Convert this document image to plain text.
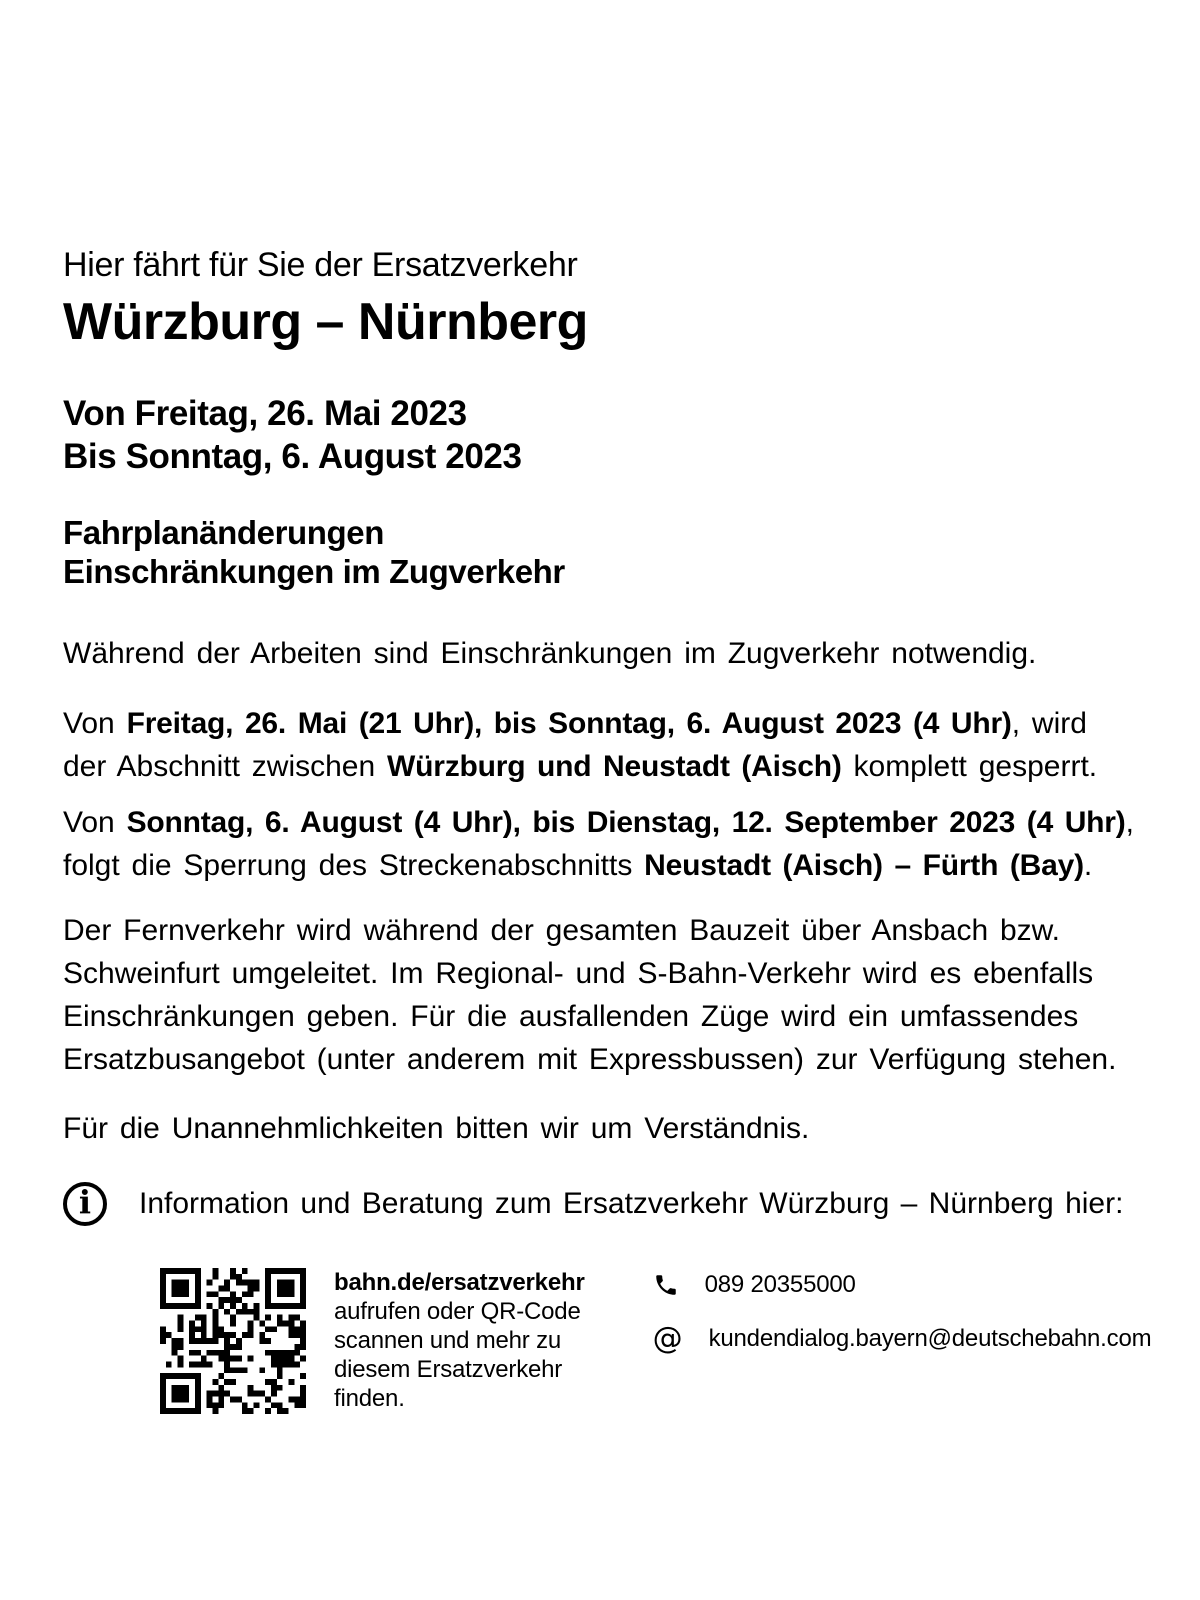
Hier fährt für Sie der Ersatzverkehr
Würzburg – Nürnberg
Von Freitag, 26. Mai 2023
Bis Sonntag, 6. August 2023
Fahrplanänderungen
Einschränkungen im Zugverkehr

Während der Arbeiten sind Einschränkungen im Zugverkehr notwendig.

Von Freitag, 26. Mai (21 Uhr), bis Sonntag, 6. August 2023 (4 Uhr), wird der Abschnitt zwischen Würzburg und Neustadt (Aisch) komplett gesperrt.

Von Sonntag, 6. August (4 Uhr), bis Dienstag, 12. September 2023 (4 Uhr), folgt die Sperrung des Streckenabschnitts Neustadt (Aisch) – Fürth (Bay).

Der Fernverkehr wird während der gesamten Bauzeit über Ansbach bzw. Schweinfurt umgeleitet. Im Regional- und S-Bahn-Verkehr wird es ebenfalls Einschränkungen geben. Für die ausfallenden Züge wird ein umfassendes Ersatzbusangebot (unter anderem mit Expressbussen) zur Verfügung stehen.

Für die Unannehmlichkeiten bitten wir um Verständnis.

i	Information und Beratung zum Ersatzverkehr Würzburg – Nürnberg hier:
bahn.de/ersatzverkehr aufrufen oder QR-Code scannen und mehr zu diesem Ersatzverkehr finden.
089 20355000
@ kundendialog.bayern@deutschebahn.com
